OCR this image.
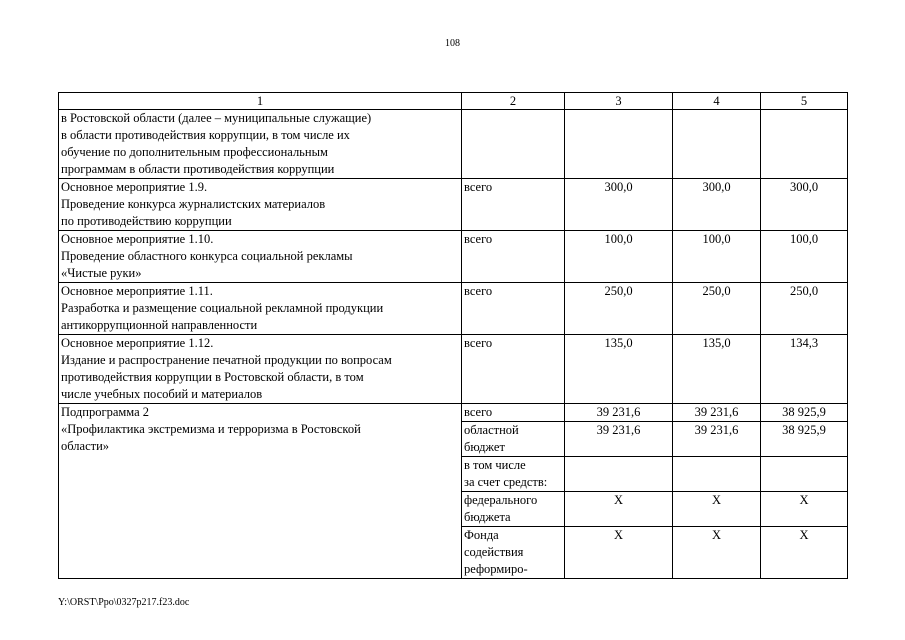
108
1	2	3	4	5

в Ростовской области (далее – муниципальные служащие)
в области противодействия коррупции, в том числе их
обучение по дополнительным профессиональным
программам в области противодействия коррупции				

Основное мероприятие 1.9.
Проведение конкурса журналистских материалов
по противодействию коррупции	всего	300,0	300,0	300,0

Основное мероприятие 1.10.
Проведение областного конкурса социальной рекламы
«Чистые руки»	всего	100,0	100,0	100,0

Основное мероприятие 1.11.
Разработка и размещение социальной рекламной продукции
антикоррупционной направленности	всего	250,0	250,0	250,0

Основное мероприятие 1.12.
Издание и распространение печатной продукции по вопросам
противодействия коррупции в Ростовской области, в том
числе учебных пособий и материалов	всего	135,0	135,0	134,3

Подпрограмма 2
«Профилактика экстремизма и терроризма в Ростовской
области»	всего	39 231,6	39 231,6	38 925,9

	областной
бюджет	39 231,6	39 231,6	38 925,9

	в том числе
за счет средств:			

	федерального
бюджета	Х	Х	Х

	Фонда
содействия
реформиро-	Х	Х	Х
Y:\ORST\Ppo\0327p217.f23.doc
